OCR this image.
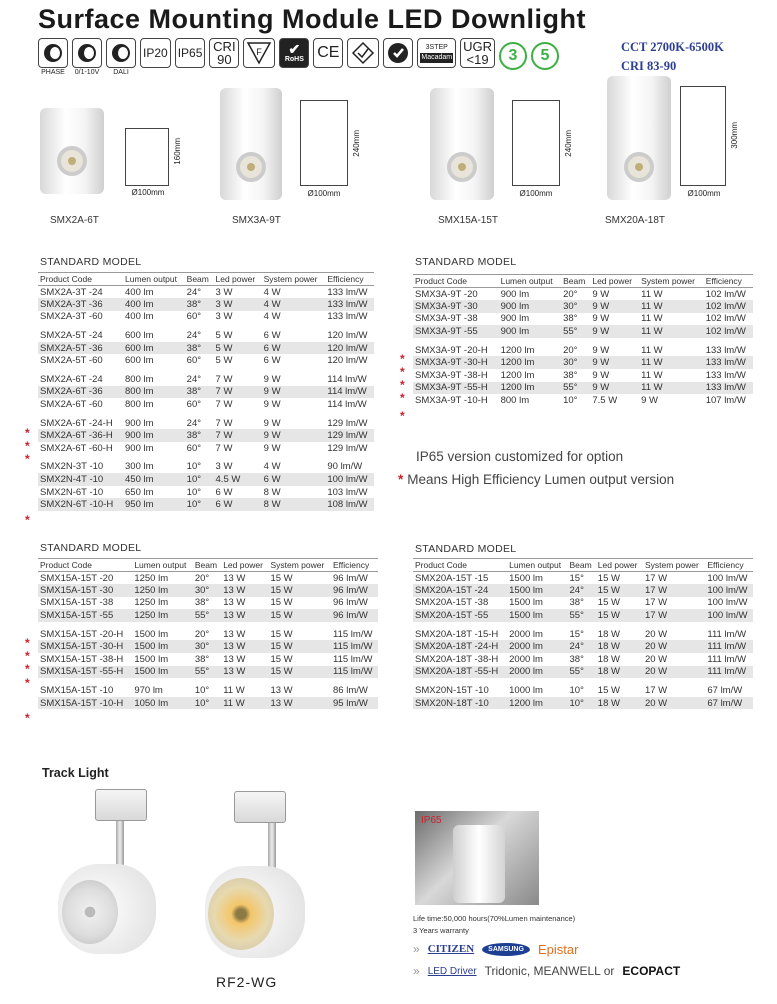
Surface Mounting Module LED Downlight
PHASE 0/1-10V DALI
IP20 IP65 CRI
90	F ✔
RoHS CE	3STEP
Macadam
UGR
<19	3	5	CCT 2700K-6500K
CRI 83-90
160mm
Ø100mm
SMX2A-6T
240mm
Ø100mm
SMX3A-9T
240mm
Ø100mm
SMX15A-15T
300mm
Ø100mm
SMX20A-18T
STANDARD MODEL	STANDARD MODEL
STANDARD MODEL	STANDARD MODEL
Product Code	Lumen output	Beam	Led power	System power	Efficiency
SMX2A-3T -24	400 lm	24°	3 W	4 W	133 lm/W
SMX2A-3T -36	400 lm	38°	3 W	4 W	133 lm/W
SMX2A-3T -60	400 lm	60°	3 W	4 W	133 lm/W

SMX2A-5T -24	600 lm	24°	5 W	6 W	120 lm/W
SMX2A-5T -36	600 lm	38°	5 W	6 W	120 lm/W
SMX2A-5T -60	600 lm	60°	5 W	6 W	120 lm/W

SMX2A-6T -24	800 lm	24°	7 W	9 W	114 lm/W
SMX2A-6T -36	800 lm	38°	7 W	9 W	114 lm/W
SMX2A-6T -60	800 lm	60°	7 W	9 W	114 lm/W

SMX2A-6T -24-H	900 lm	24°	7 W	9 W	129 lm/W
SMX2A-6T -36-H	900 lm	38°	7 W	9 W	129 lm/W
SMX2A-6T -60-H	900 lm	60°	7 W	9 W	129 lm/W

SMX2N-3T -10	300 lm	10°	3 W	4 W	90 lm/W
SMX2N-4T -10	450 lm	10°	4.5 W	6 W	100 lm/W
SMX2N-6T -10	650 lm	10°	6 W	8 W	103 lm/W
SMX2N-6T -10-H	950 lm	10°	6 W	8 W	108 lm/W
Product Code	Lumen output	Beam	Led power	System power	Efficiency
SMX3A-9T -20	900 lm	20°	9 W	11 W	102 lm/W
SMX3A-9T -30	900 lm	30°	9 W	11 W	102 lm/W
SMX3A-9T -38	900 lm	38°	9 W	11 W	102 lm/W
SMX3A-9T -55	900 lm	55°	9 W	11 W	102 lm/W

SMX3A-9T -20-H	1200 lm	20°	9 W	11 W	133 lm/W
SMX3A-9T -30-H	1200 lm	30°	9 W	11 W	133 lm/W
SMX3A-9T -38-H	1200 lm	38°	9 W	11 W	133 lm/W
SMX3A-9T -55-H	1200 lm	55°	9 W	11 W	133 lm/W
SMX3A-9T -10-H	800 lm	10°	7.5 W	9 W	107 lm/W
Product Code	Lumen output	Beam	Led power	System power	Efficiency
SMX15A-15T -20	1250 lm	20°	13 W	15 W	96 lm/W
SMX15A-15T -30	1250 lm	30°	13 W	15 W	96 lm/W
SMX15A-15T -38	1250 lm	38°	13 W	15 W	96 lm/W
SMX15A-15T -55	1250 lm	55°	13 W	15 W	96 lm/W

SMX15A-15T -20-H	1500 lm	20°	13 W	15 W	115 lm/W
SMX15A-15T -30-H	1500 lm	30°	13 W	15 W	115 lm/W
SMX15A-15T -38-H	1500 lm	38°	13 W	15 W	115 lm/W
SMX15A-15T -55-H	1500 lm	55°	13 W	15 W	115 lm/W

SMX15A-15T -10	970 lm	10°	11 W	13 W	86 lm/W
SMX15A-15T -10-H	1050 lm	10°	11 W	13 W	95 lm/W
Product Code	Lumen output	Beam	Led power	System power	Efficiency
SMX20A-15T -15	1500 lm	15°	15 W	17 W	100 lm/W
SMX20A-15T -24	1500 lm	24°	15 W	17 W	100 lm/W
SMX20A-15T -38	1500 lm	38°	15 W	17 W	100 lm/W
SMX20A-15T -55	1500 lm	55°	15 W	17 W	100 lm/W

SMX20A-18T -15-H	2000 lm	15°	18 W	20 W	111 lm/W
SMX20A-18T -24-H	2000 lm	24°	18 W	20 W	111 lm/W
SMX20A-18T -38-H	2000 lm	38°	18 W	20 W	111 lm/W
SMX20A-18T -55-H	2000 lm	55°	18 W	20 W	111 lm/W

SMX20N-15T -10	1000 lm	10°	15 W	17 W	67 lm/W
SMX20N-18T -10	1200 lm	10°	18 W	20 W	67 lm/W
*
*
*
*
*
*
*
*
*
*
*
*
*
*
IP65 version customized for option
* Means High Efficiency Lumen output version
Track Light
RF2-WG
IP65
Life time:50,000 hours(70%Lumen maintenance)
3 Years warranty
» CITIZEN	SAMSUNG	Epistar
» LED Driver Tridonic, MEANWELL or ECOPACT
